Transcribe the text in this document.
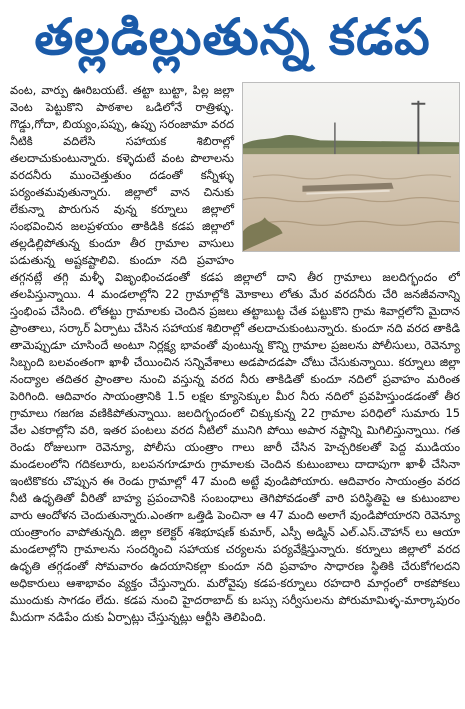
తల్లడిల్లుతున్న కడప

వంట, వార్పు ఊరిబయటే. తట్టా బుట్టా, పిల్ల జల్లా వెంట పెట్టుకొని పాఠశాల ఒడిలోనే రాత్రిళ్ళు. గొడ్డు,గోదా, బియ్యం,పప్పు, ఉప్పు సరంజామా వరద నీటికి వదిలేసి సహాయక శిబిరాల్లో తలదాచుకుంటున్నారు. కళ్ళెదుటే వంట పొలాలను వరదనీరు ముంచెత్తుతుం దడంతో కన్నీళ్ళు పర్యంతమవుతున్నారు. జిల్లాలో వాన చినుకు లేకున్నా పొరుగున వున్న కర్నూలు జిల్లాలో సంభవించిన జలప్రళయం తాకిడికి కడప జిల్లాలో తల్లడిల్లిపోతున్న కుందూ తీర గ్రామాల వాసులు పడుతున్న అష్టకష్టాలివి. కుందూ నది ప్రవాహం తగ్గనట్లే తగ్గి మళ్ళీ విజృంభించడంతో కడప జిల్లాలో దాని తీర గ్రామాలు జలదిగ్భందం లో తలపిస్తున్నాయి. 4 మండలాల్లోని 22 గ్రామాల్లోకి మోకాలు లోతు మేర వరదనీరు చేరి జనజీవనాన్ని స్తంభింప చేసింది. లోతట్టు గ్రామాలకు చెందిన ప్రజలు తట్టాబుట్ట చేత పట్టుకొని గ్రామ శివార్లలోని మైదాన ప్రాంతాలు, సర్కార్ ఏర్పాటు చేసిన సహాయక శిబిరాల్లో తలదాచుకుంటున్నారు. కుందూ నది వరద తాకిడి తామెప్పుడూ చూసిందే అంటూ నిర్లక్ష్య భావంతో వుంటున్న కొన్ని గ్రామాల ప్రజలను పోలీసులు, రెవెన్యూ సిబ్బంది బలవంతంగా ఖాళీ చేయించిన సన్నివేశాలు అడపాదడపా చోటు చేసుకున్నాయి. కర్నూలు జిల్లా నంద్యాల తదితర ప్రాంతాల నుంచి వస్తున్న వరద నీరు తాకిడితో కుందూ నదిలో ప్రవాహం మరింత పెరిగింది. ఆదివారం సాయంత్రానికి 1.5 లక్షల క్యూసెక్కుల మీర నీరు నదిలో ప్రవహిస్తుండడంతో తీర గ్రామాలు గజగజ వణికిపోతున్నాయి. జలదిగ్భందంలో చిక్కుకున్న 22 గ్రామాల పరిధిలో సుమారు 15 వేల ఎకరాల్లోని వరి, ఇతర పంటలు వరద నీటిలో మునిగి పోయి అపార నష్టాన్ని మిగిలిస్తున్నాయి. గత రెండు రోజులుగా రెవెన్యూ, పోలీసు యంత్రాం గాలు జారీ చేసిన హెచ్చరికలతో పెద్ద ముడియం మండలంలోని గదికలూరు, బలపనగూడూరు గ్రామాలకు చెందిన కుటుంబాలు దాదాపుగా ఖాళీ చేసినా ఇంటికొకరు చొప్పున ఈ రెండు గ్రామాల్లో 47 మంది అట్టే వుండిపోయారు. ఆదివారం సాయంత్రం వరద నీటి ఉధృతితో వీరితో బాహ్య ప్రపంచానికి సంబంధాలు తెగిపోవడంతో వారి పరిస్థితిపై ఆ కుటుంబాల వారు ఆందోళన చెందుతున్నారు.ఎంతగా ఒత్తిడి పెంచినా ఆ 47 మంది అలాగే వుండిపోయారని రెవెన్యూ యంత్రాంగం వాపోతున్నది. జిల్లా కలెక్టర్ శశిభూషణ్ కుమార్, ఎస్పీ అడ్మిన్ ఎల్.ఎస్.చౌహాన్ లు ఆయా మండలాల్లోని గ్రామాలను సందర్శించి సహాయక చర్యలను పర్యవేక్షిస్తున్నారు. కర్నూలు జిల్లాలో వరద ఉధృతి తగ్గడంతో సోమవారం ఉదయానికల్లా కుందూ నది ప్రవాహం సాధారణ స్థితికి చేరుకోగలదని అధికారులు ఆశాభావం వ్యక్తం చేస్తున్నారు. మరోవైపు కడప-కర్నూలు రహదారి మార్గంలో రాకపోకలు ముందుకు సాగడం లేదు. కడప నుంచి హైదరాబాద్ కు బస్సు సర్వీసులను పోరుమామిళ్ళ-మార్కాపురం మీదుగా నడిపేం దుకు ఏర్పాట్లు చేస్తున్నట్లు ఆర్టీసి తెలిపింది.
